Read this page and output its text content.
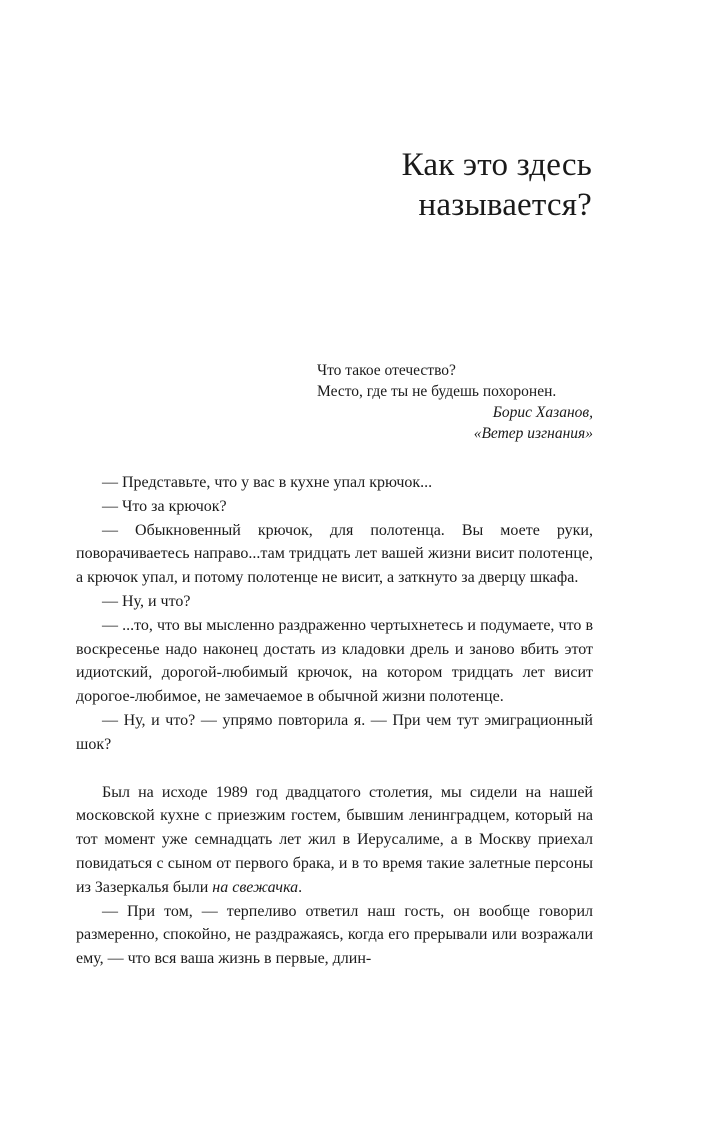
Как это здесь
называется?
Что такое отечество?
Место, где ты не будешь похоронен.
Борис Хазанов,
«Ветер изгнания»

— Представьте, что у вас в кухне упал крючок...

— Что за крючок?

— Обыкновенный крючок, для полотенца. Вы моете руки, поворачиваетесь направо...там тридцать лет вашей жизни висит полотенце, а крючок упал, и потому полотенце не висит, а заткнуто за дверцу шкафа.

— Ну, и что?

— ...то, что вы мысленно раздраженно чертыхнетесь и подумаете, что в воскресенье надо наконец достать из кладовки дрель и заново вбить этот идиотский, дорогой-любимый крючок, на котором тридцать лет висит дорогое-любимое, не замечаемое в обычной жизни полотенце.

— Ну, и что? — упрямо повторила я. — При чем тут эмиграционный шок?

Был на исходе 1989 год двадцатого столетия, мы сидели на нашей московской кухне с приезжим гостем, бывшим ленинградцем, который на тот момент уже семнадцать лет жил в Иерусалиме, а в Москву приехал повидаться с сыном от первого брака, и в то время такие залетные персоны из Зазеркалья были на свежачка.

— При том, — терпеливо ответил наш гость, он вообще говорил размеренно, спокойно, не раздражаясь, когда его прерывали или возражали ему, — что вся ваша жизнь в первые, длин-
